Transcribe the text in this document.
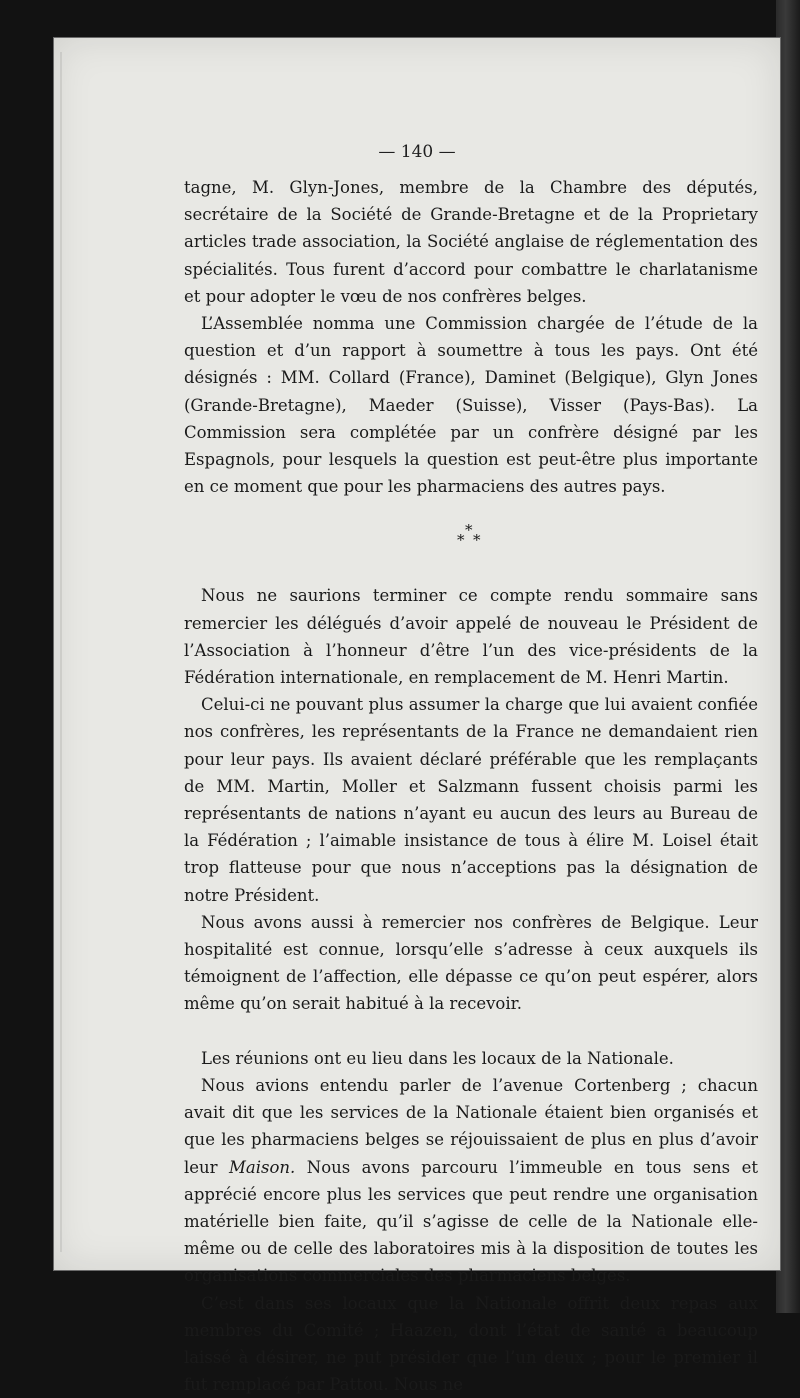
— 140 —

tagne, M. Glyn-Jones, membre de la Chambre des députés, secrétaire de la Société de Grande-Bretagne et de la Proprietary articles trade association, la Société anglaise de réglementation des spécialités. Tous furent d’accord pour combattre le charlatanisme et pour adopter le vœu de nos confrères belges.

L’Assemblée nomma une Commission chargée de l’étude de la question et d’un rapport à soumettre à tous les pays. Ont été désignés : MM. Collard (France), Daminet (Belgique), Glyn Jones (Grande-Bretagne), Maeder (Suisse), Visser (Pays-Bas). La Commission sera complétée par un confrère désigné par les Espagnols, pour lesquels la question est peut-être plus importante en ce moment que pour les pharmaciens des autres pays.

*
* *

Nous ne saurions terminer ce compte rendu sommaire sans remercier les délégués d’avoir appelé de nouveau le Président de l’Association à l’honneur d’être l’un des vice-présidents de la Fédération internationale, en remplacement de M. Henri Martin.

Celui-ci ne pouvant plus assumer la charge que lui avaient confiée nos confrères, les représentants de la France ne demandaient rien pour leur pays. Ils avaient déclaré préférable que les remplaçants de MM. Martin, Moller et Salzmann fussent choisis parmi les représentants de nations n’ayant eu aucun des leurs au Bureau de la Fédération ; l’aimable insistance de tous à élire M. Loisel était trop flatteuse pour que nous n’acceptions pas la désignation de notre Président.

Nous avons aussi à remercier nos confrères de Belgique. Leur hospitalité est connue, lorsqu’elle s’adresse à ceux auxquels ils témoignent de l’affection, elle dépasse ce qu’on peut espérer, alors même qu’on serait habitué à la recevoir.

Les réunions ont eu lieu dans les locaux de la Nationale.

Nous avions entendu parler de l’avenue Cortenberg ; chacun avait dit que les services de la Nationale étaient bien organisés et que les pharmaciens belges se réjouissaient de plus en plus d’avoir leur Maison. Nous avons parcouru l’immeuble en tous sens et apprécié encore plus les services que peut rendre une organisation matérielle bien faite, qu’il s’agisse de celle de la Nationale elle-même ou de celle des laboratoires mis à la disposition de toutes les organisations commerciales des pharmaciens belges.

C’est dans ses locaux que la Nationale offrit deux repas aux membres du Comité ; Haazen, dont l’état de santé a beaucoup laissé à désirer, ne put présider que l’un deux ; pour le premier il fut remplacé par Pattou. Nous ne
